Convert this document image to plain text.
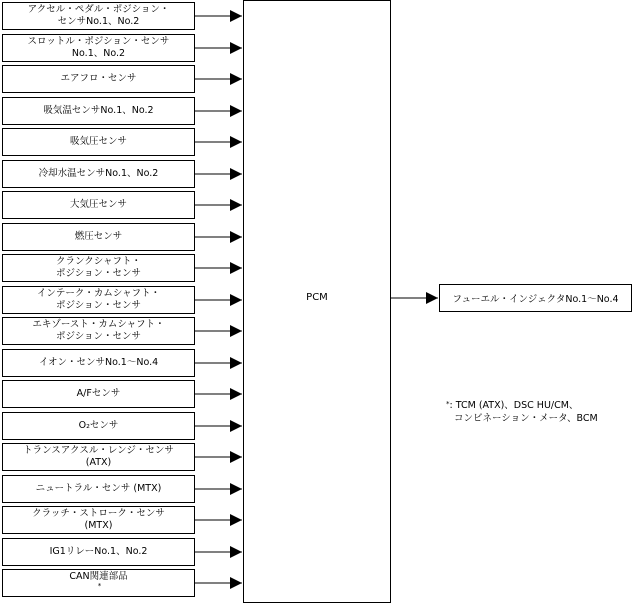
アクセル・ペダル・ポジション・
センサNo.1、No.2
スロットル・ポジション・センサ
No.1、No.2
エアフロ・センサ
吸気温センサNo.1、No.2
吸気圧センサ
冷却水温センサNo.1、No.2
大気圧センサ
燃圧センサ
クランクシャフト・
ポジション・センサ
インテーク・カムシャフト・
ポジション・センサ
エキゾースト・カムシャフト・
ポジション・センサ
イオン・センサNo.1～No.4
A/Fセンサ
O₂センサ
トランスアクスル・レンジ・センサ
(ATX)
ニュートラル・センサ (MTX)
クラッチ・ストローク・センサ
(MTX)
IG1リレーNo.1、No.2
CAN関連部品
*
PCM	フューエル・インジェクタNo.1～No.4
*: TCM (ATX)、DSC HU/CM、
コンビネーション・メータ、BCM
